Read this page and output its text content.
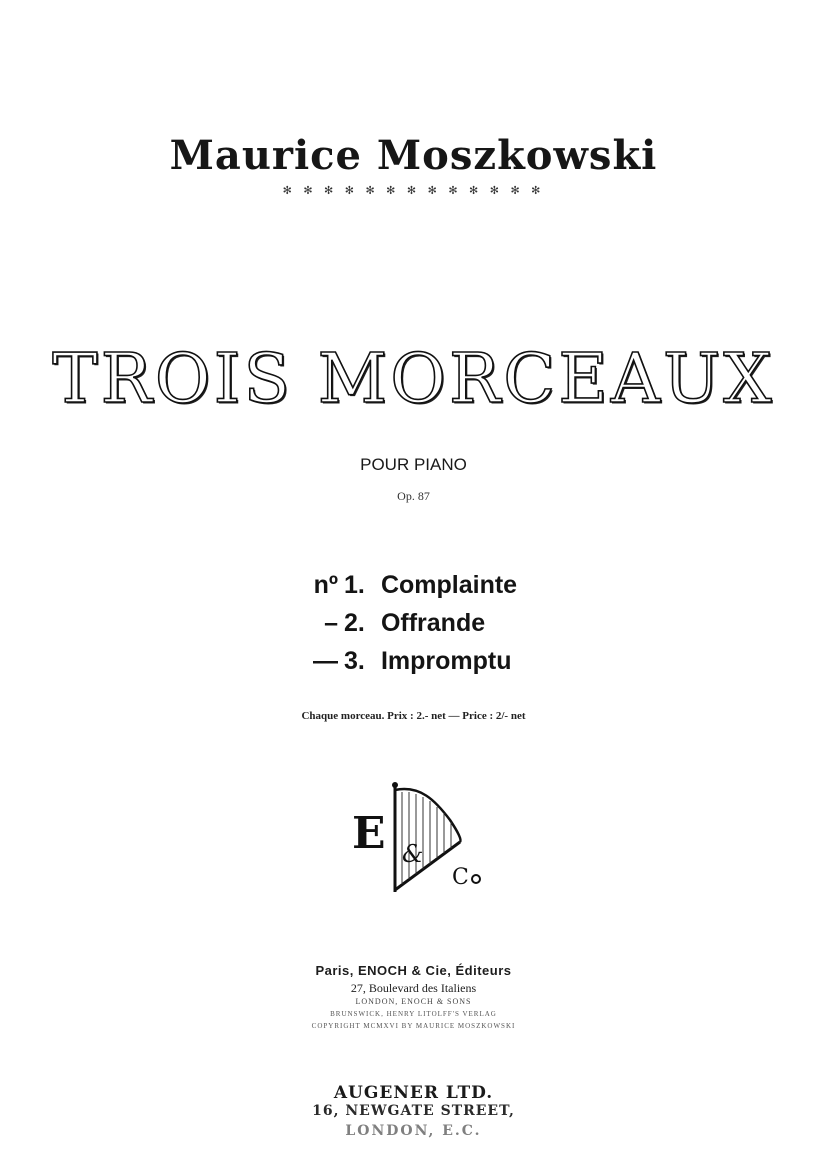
Maurice Moszkowski
✻ ✻ ✻ ✻ ✻ ✻ ✻ ✻ ✻ ✻ ✻ ✻ ✻
TROIS MORCEAUX
POUR PIANO
Op. 87
nº 1. Complainte
– 2. Offrande
— 3. Impromptu
Chaque morceau. Prix : 2.- net — Price : 2/- net
E &
C
Paris, ENOCH & Cie, Éditeurs
27, Boulevard des Italiens
LONDON, ENOCH & SONS
BRUNSWICK, HENRY LITOLFF'S VERLAG
COPYRIGHT MCMXVI BY MAURICE MOSZKOWSKI
AUGENER LTD.
16, NEWGATE STREET,
LONDON, E.C.
